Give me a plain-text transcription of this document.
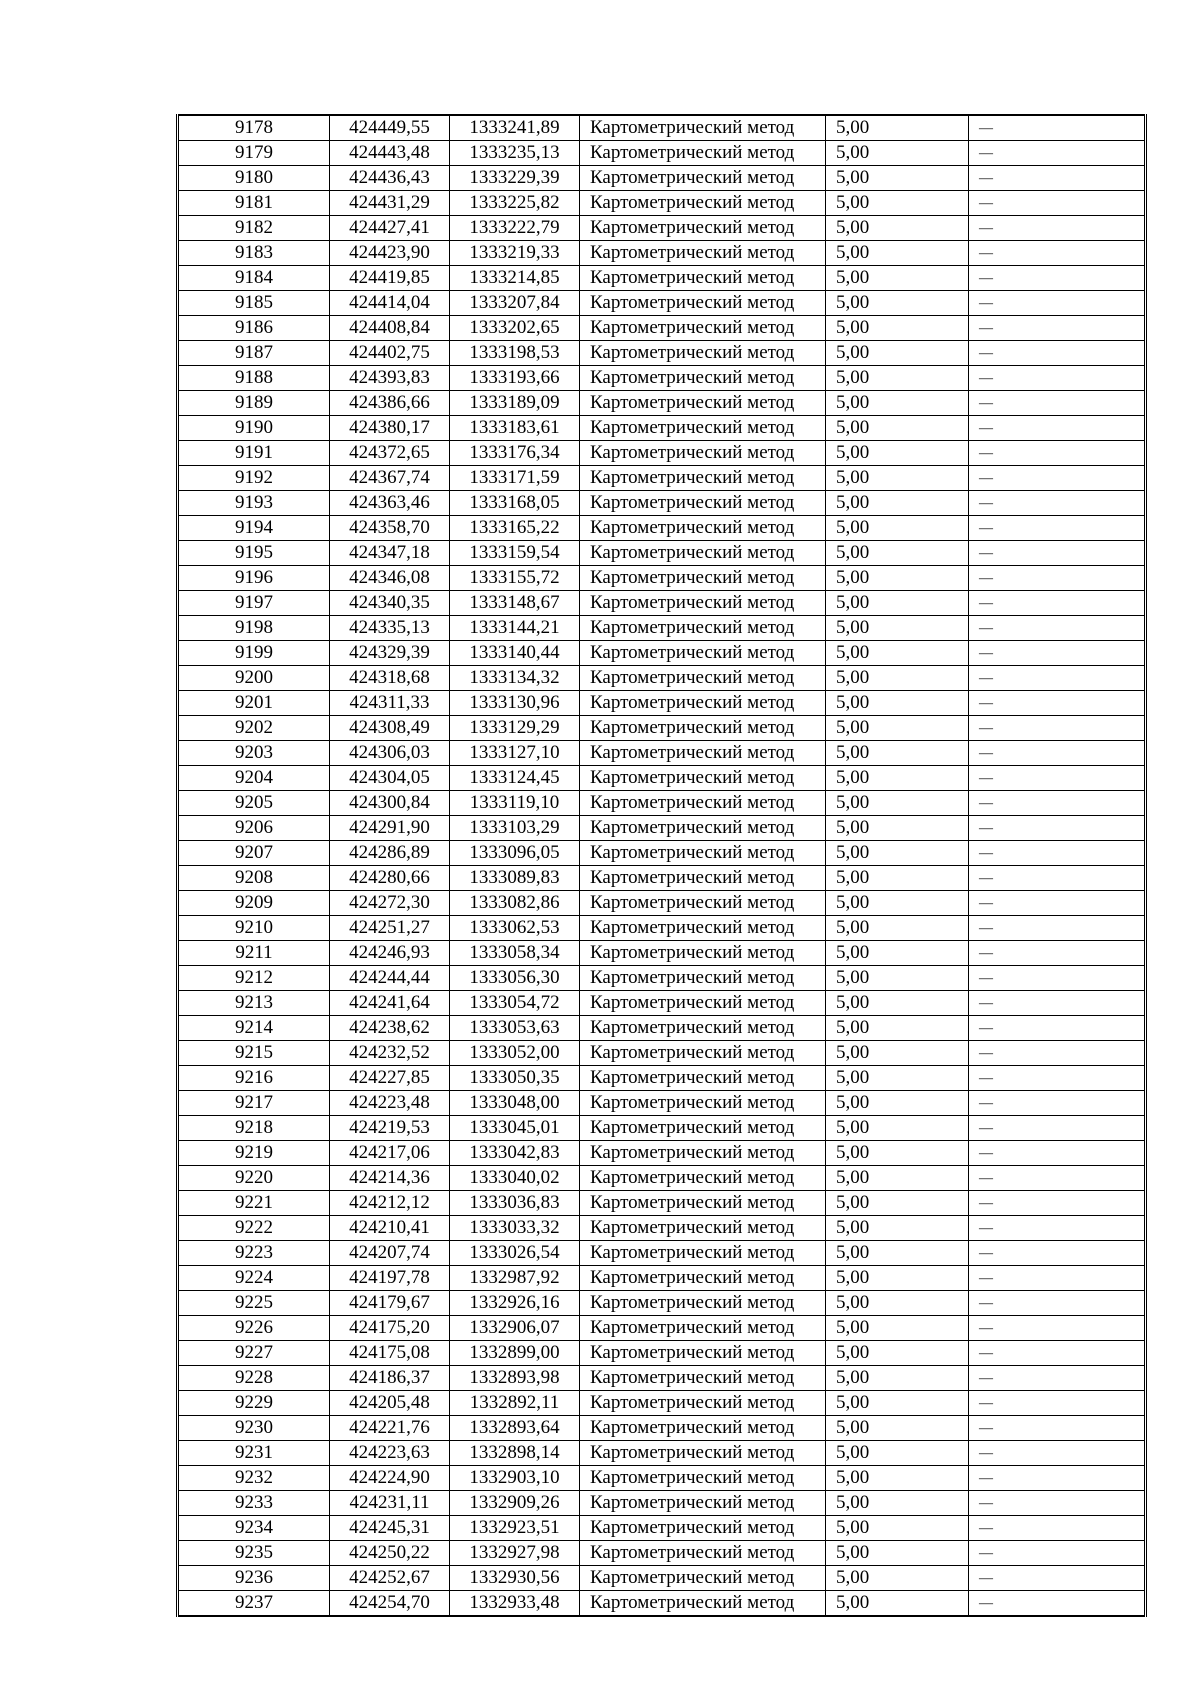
9178	424449,55	1333241,89	Картометрический метод	5,00	—
9179	424443,48	1333235,13	Картометрический метод	5,00	—
9180	424436,43	1333229,39	Картометрический метод	5,00	—
9181	424431,29	1333225,82	Картометрический метод	5,00	—
9182	424427,41	1333222,79	Картометрический метод	5,00	—
9183	424423,90	1333219,33	Картометрический метод	5,00	—
9184	424419,85	1333214,85	Картометрический метод	5,00	—
9185	424414,04	1333207,84	Картометрический метод	5,00	—
9186	424408,84	1333202,65	Картометрический метод	5,00	—
9187	424402,75	1333198,53	Картометрический метод	5,00	—
9188	424393,83	1333193,66	Картометрический метод	5,00	—
9189	424386,66	1333189,09	Картометрический метод	5,00	—
9190	424380,17	1333183,61	Картометрический метод	5,00	—
9191	424372,65	1333176,34	Картометрический метод	5,00	—
9192	424367,74	1333171,59	Картометрический метод	5,00	—
9193	424363,46	1333168,05	Картометрический метод	5,00	—
9194	424358,70	1333165,22	Картометрический метод	5,00	—
9195	424347,18	1333159,54	Картометрический метод	5,00	—
9196	424346,08	1333155,72	Картометрический метод	5,00	—
9197	424340,35	1333148,67	Картометрический метод	5,00	—
9198	424335,13	1333144,21	Картометрический метод	5,00	—
9199	424329,39	1333140,44	Картометрический метод	5,00	—
9200	424318,68	1333134,32	Картометрический метод	5,00	—
9201	424311,33	1333130,96	Картометрический метод	5,00	—
9202	424308,49	1333129,29	Картометрический метод	5,00	—
9203	424306,03	1333127,10	Картометрический метод	5,00	—
9204	424304,05	1333124,45	Картометрический метод	5,00	—
9205	424300,84	1333119,10	Картометрический метод	5,00	—
9206	424291,90	1333103,29	Картометрический метод	5,00	—
9207	424286,89	1333096,05	Картометрический метод	5,00	—
9208	424280,66	1333089,83	Картометрический метод	5,00	—
9209	424272,30	1333082,86	Картометрический метод	5,00	—
9210	424251,27	1333062,53	Картометрический метод	5,00	—
9211	424246,93	1333058,34	Картометрический метод	5,00	—
9212	424244,44	1333056,30	Картометрический метод	5,00	—
9213	424241,64	1333054,72	Картометрический метод	5,00	—
9214	424238,62	1333053,63	Картометрический метод	5,00	—
9215	424232,52	1333052,00	Картометрический метод	5,00	—
9216	424227,85	1333050,35	Картометрический метод	5,00	—
9217	424223,48	1333048,00	Картометрический метод	5,00	—
9218	424219,53	1333045,01	Картометрический метод	5,00	—
9219	424217,06	1333042,83	Картометрический метод	5,00	—
9220	424214,36	1333040,02	Картометрический метод	5,00	—
9221	424212,12	1333036,83	Картометрический метод	5,00	—
9222	424210,41	1333033,32	Картометрический метод	5,00	—
9223	424207,74	1333026,54	Картометрический метод	5,00	—
9224	424197,78	1332987,92	Картометрический метод	5,00	—
9225	424179,67	1332926,16	Картометрический метод	5,00	—
9226	424175,20	1332906,07	Картометрический метод	5,00	—
9227	424175,08	1332899,00	Картометрический метод	5,00	—
9228	424186,37	1332893,98	Картометрический метод	5,00	—
9229	424205,48	1332892,11	Картометрический метод	5,00	—
9230	424221,76	1332893,64	Картометрический метод	5,00	—
9231	424223,63	1332898,14	Картометрический метод	5,00	—
9232	424224,90	1332903,10	Картометрический метод	5,00	—
9233	424231,11	1332909,26	Картометрический метод	5,00	—
9234	424245,31	1332923,51	Картометрический метод	5,00	—
9235	424250,22	1332927,98	Картометрический метод	5,00	—
9236	424252,67	1332930,56	Картометрический метод	5,00	—
9237	424254,70	1332933,48	Картометрический метод	5,00	—
